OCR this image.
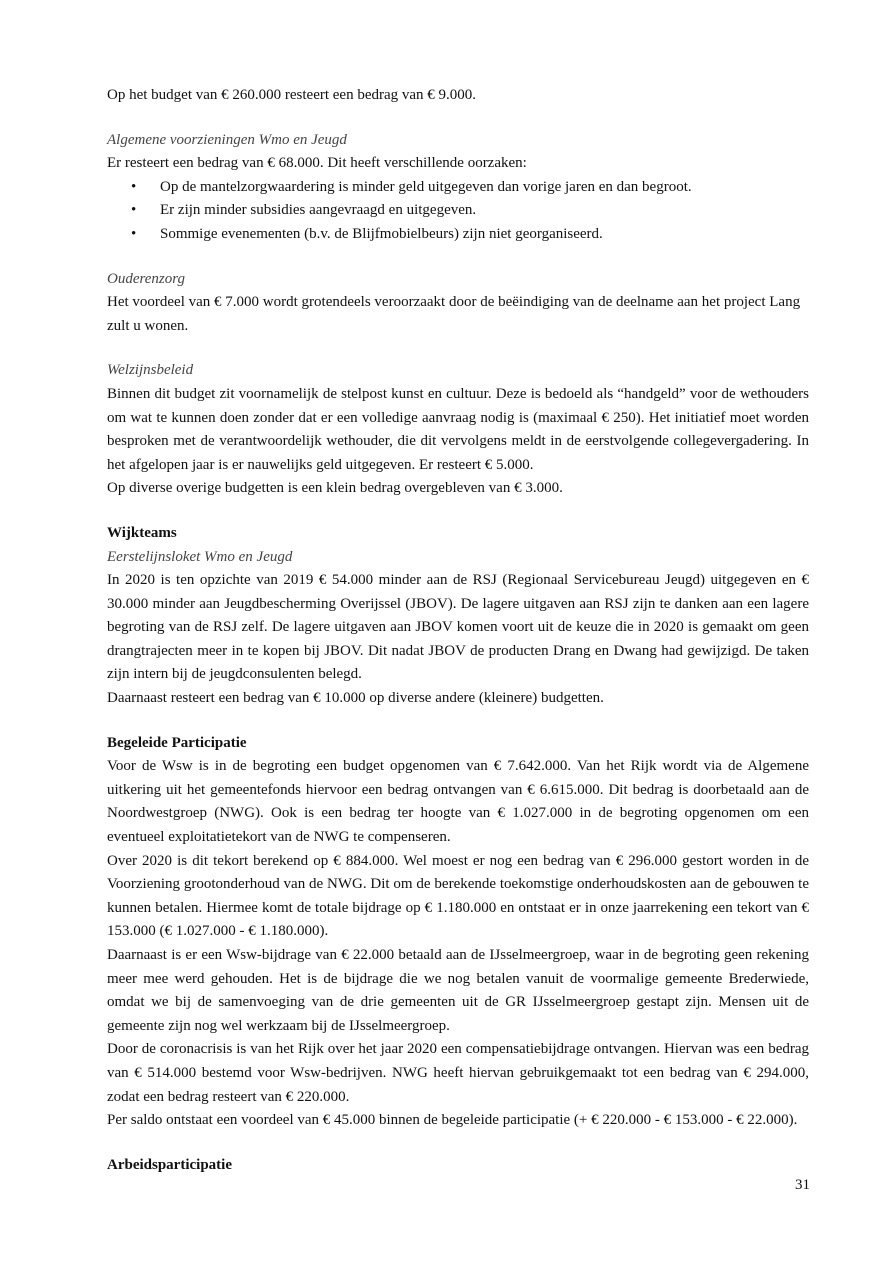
Op het budget van € 260.000 resteert een bedrag van € 9.000.

Algemene voorzieningen Wmo en Jeugd

Er resteert een bedrag van € 68.000. Dit heeft verschillende oorzaken:

• Op de mantelzorgwaardering is minder geld uitgegeven dan vorige jaren en dan begroot.
• Er zijn minder subsidies aangevraagd en uitgegeven.
• Sommige evenementen (b.v. de Blijfmobielbeurs) zijn niet georganiseerd.

Ouderenzorg

Het voordeel van € 7.000 wordt grotendeels veroorzaakt door de beëindiging van de deelname aan het project Lang zult u wonen.

Welzijnsbeleid

Binnen dit budget zit voornamelijk de stelpost kunst en cultuur. Deze is bedoeld als “handgeld” voor de wethouders om wat te kunnen doen zonder dat er een volledige aanvraag nodig is (maximaal € 250). Het initiatief moet worden besproken met de verantwoordelijk wethouder, die dit vervolgens meldt in de eerstvolgende collegevergadering. In het afgelopen jaar is er nauwelijks geld uitgegeven. Er resteert € 5.000.

Op diverse overige budgetten is een klein bedrag overgebleven van € 3.000.

Wijkteams

Eerstelijnsloket Wmo en Jeugd

In 2020 is ten opzichte van 2019 € 54.000 minder aan de RSJ (Regionaal Servicebureau Jeugd) uitgegeven en € 30.000 minder aan Jeugdbescherming Overijssel (JBOV). De lagere uitgaven aan RSJ zijn te danken aan een lagere begroting van de RSJ zelf. De lagere uitgaven aan JBOV komen voort uit de keuze die in 2020 is gemaakt om geen drangtrajecten meer in te kopen bij JBOV. Dit nadat JBOV de producten Drang en Dwang had gewijzigd. De taken zijn intern bij de jeugdconsulenten belegd.

Daarnaast resteert een bedrag van € 10.000 op diverse andere (kleinere) budgetten.

Begeleide Participatie

Voor de Wsw is in de begroting een budget opgenomen van € 7.642.000. Van het Rijk wordt via de Algemene uitkering uit het gemeentefonds hiervoor een bedrag ontvangen van € 6.615.000. Dit bedrag is doorbetaald aan de Noordwestgroep (NWG). Ook is een bedrag ter hoogte van € 1.027.000 in de begroting opgenomen om een eventueel exploitatietekort van de NWG te compenseren.

Over 2020 is dit tekort berekend op € 884.000. Wel moest er nog een bedrag van € 296.000 gestort worden in de Voorziening grootonderhoud van de NWG. Dit om de berekende toekomstige onderhoudskosten aan de gebouwen te kunnen betalen. Hiermee komt de totale bijdrage op € 1.180.000 en ontstaat er in onze jaarrekening een tekort van € 153.000 (€ 1.027.000 - € 1.180.000).

Daarnaast is er een Wsw-bijdrage van € 22.000 betaald aan de IJsselmeergroep, waar in de begroting geen rekening meer mee werd gehouden. Het is de bijdrage die we nog betalen vanuit de voormalige gemeente Brederwiede, omdat we bij de samenvoeging van de drie gemeenten uit de GR IJsselmeergroep gestapt zijn. Mensen uit de gemeente zijn nog wel werkzaam bij de IJsselmeergroep.

Door de coronacrisis is van het Rijk over het jaar 2020 een compensatiebijdrage ontvangen. Hiervan was een bedrag van € 514.000 bestemd voor Wsw-bedrijven. NWG heeft hiervan gebruikgemaakt tot een bedrag van € 294.000, zodat een bedrag resteert van € 220.000.

Per saldo ontstaat een voordeel van € 45.000 binnen de begeleide participatie (+ € 220.000 - € 153.000 - € 22.000).

Arbeidsparticipatie

31
